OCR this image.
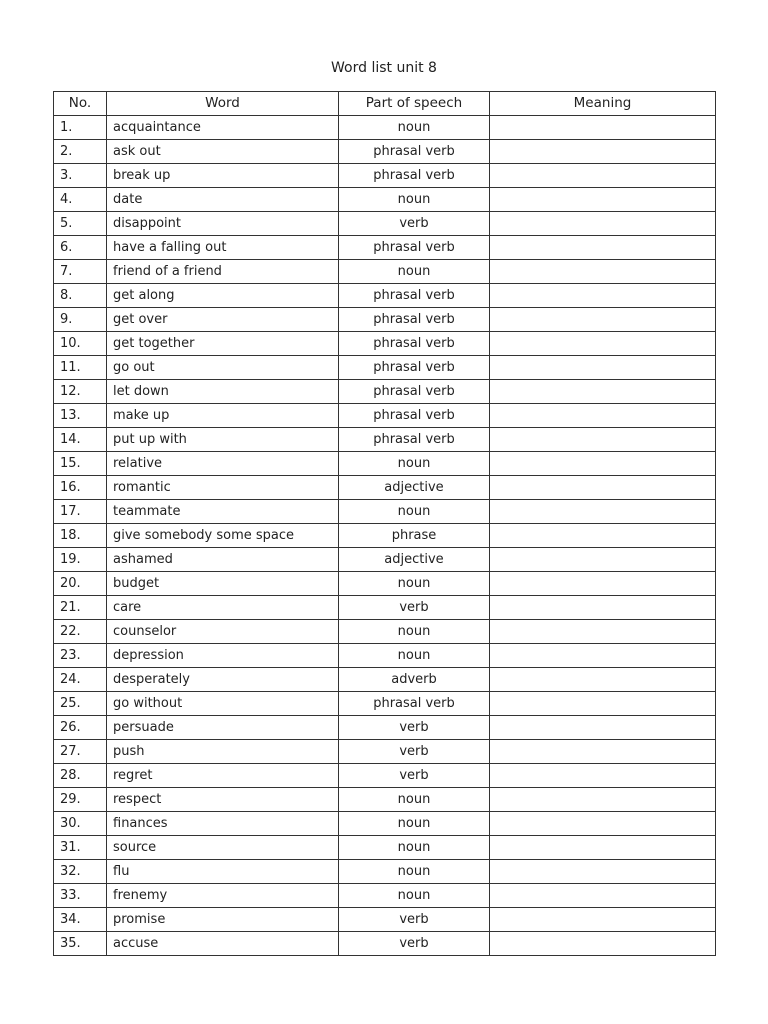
Word list unit 8
No.	Word	Part of speech	Meaning
1.	acquaintance	noun	
2.	ask out	phrasal verb	
3.	break up	phrasal verb	
4.	date	noun	
5.	disappoint	verb	
6.	have a falling out	phrasal verb	
7.	friend of a friend	noun	
8.	get along	phrasal verb	
9.	get over	phrasal verb	
10.	get together	phrasal verb	
11.	go out	phrasal verb	
12.	let down	phrasal verb	
13.	make up	phrasal verb	
14.	put up with	phrasal verb	
15.	relative	noun	
16.	romantic	adjective	
17.	teammate	noun	
18.	give somebody some space	phrase	
19.	ashamed	adjective	
20.	budget	noun	
21.	care	verb	
22.	counselor	noun	
23.	depression	noun	
24.	desperately	adverb	
25.	go without	phrasal verb	
26.	persuade	verb	
27.	push	verb	
28.	regret	verb	
29.	respect	noun	
30.	finances	noun	
31.	source	noun	
32.	flu	noun	
33.	frenemy	noun	
34.	promise	verb	
35.	accuse	verb	
